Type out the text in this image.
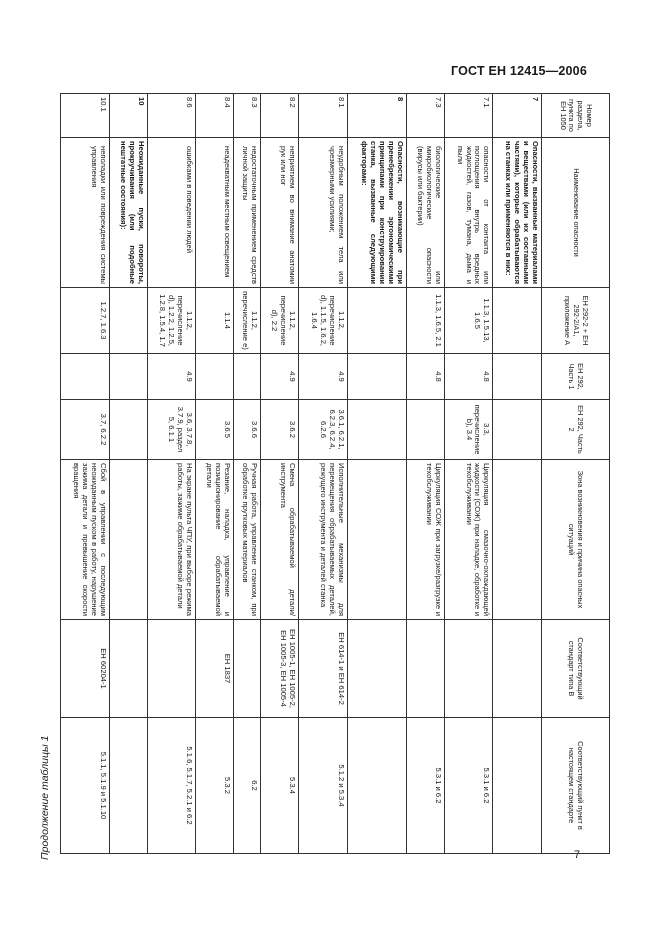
ГОСТ ЕН 12415—2006
Продолжение таблицы 1	7
Номер раздела, пункта по ЕН 1050	Наименование опасности	ЕН 292-2 + ЕН 292-2/А1, приложение А	ЕН 292, Часть 1	ЕН 292, Часть 2	Зона возникновения и причина опасных ситуаций	Соответствующий стандарт типа В	Соответствующий пункт в настоящем стандарте
7	Опасности, вызванные материалами и веществами (или их составными частями), которые обрабатываются на станках или применяются в них:						
7.1	опасности от контакта или поглощения внутрь вредных жидкостей, газов, тумана, дыма и пыли	1.1.3, 1.5.13, 1.6.5	4.8	3.3, перечисление b), 3.4	Циркуляция смазочно-охлаждающей жидкости (СОЖ) при наладке, обработке и техобслуживании		5.3.1 и 6.2
7.3	биологические или микробиологические опасности (вирусы или бактерии)	1.1.3, 1.6.5, 2.1	4.8		Циркуляция СОЖ при загрузке/разгрузке и техобслуживании		5.3.1 и 6.2
8	Опасности, возникающие при пренебрежении эргономическими принципами при конструировании станка, вызванные следующими факторами:						
8.1	неудобным положением тела или чрезмерными усилиями;	1.1.2, перечисление d), 1.1.5, 1.6.2, 1.6.4	4.9	3.6.1, 6.2.1, 6.2.3, 6.2.4, 6.2.6	Исполнительные механизмы для перемещения обрабатываемых деталей, режущего инструмента и деталей станка	ЕН 614-1 и ЕН 614-2	5.1.2 и 5.3.4
8.2	неприятием во внимание анатомии рук или ног	1.1.2, перечисление d), 2.2	4.9	3.6.2	Смена обрабатываемой детали/инструмента	ЕН 1005-1, ЕН 1005-2, ЕН 1005-3, ЕН 1005-4	5.3.4
8.3	недостаточным применением средств личной защиты	1.1.2, перечисление е)		3.6.6	Ручная работа, управление станком, при обработке прутковых материалов		6.2
8.4	неадекватным местным освещением	1.1.4		3.6.5	Резание, наладка, управление и позиционирование обрабатываемой детали	ЕН 1837	5.3.2
8.6	ошибками в поведении людей	1.1.2, перечисление d), 1.2.2, 1.2.5, 1.2.8, 1.5.4, 1.7	4.9	3.6, 3.7.8, 3.7.9, раздел 5, 6.1.1	На экране пульта ЧПУ, при выборе режима работы, зажиме обрабатываемой детали		5.1.6, 5.1.7, 5.2.1 и 6.2
10	Неожиданные пуски, повороты, прокручивания (или подобные нештатные состояния):						
10.1	неполадки или повреждения системы управления	1.2.7, 1.6.3		3.7, 6.2.2	Сбой в управлении с последующим неожиданным пуском в работу, нарушение зажима детали и превышение скорости вращения	ЕН 60204-1	5.1.1, 5.1.9 и 5.1.10
